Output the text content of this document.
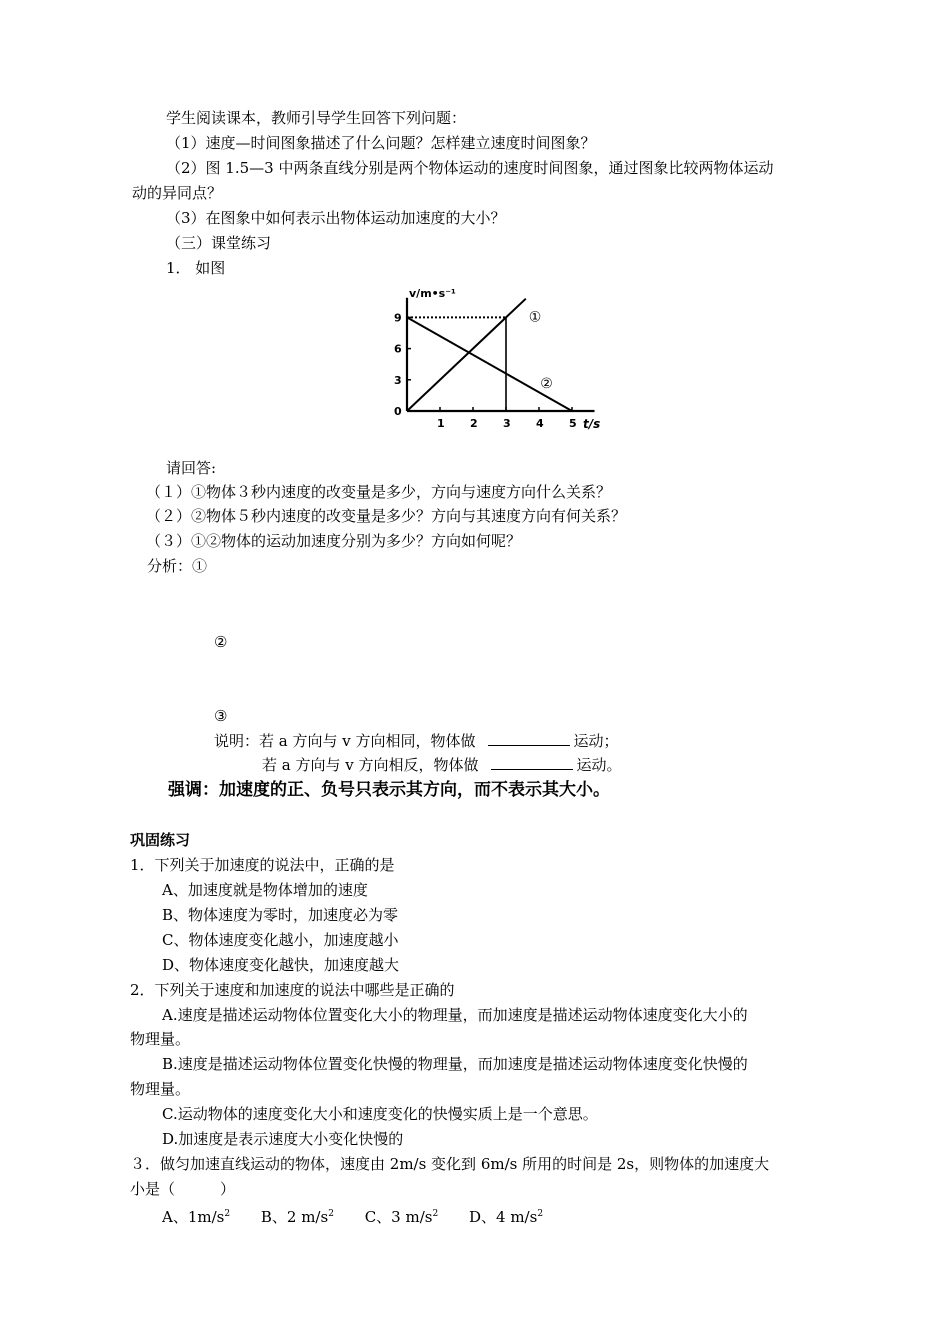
学生阅读课本，教师引导学生回答下列问题：
（1）速度—时间图象描述了什么问题？怎样建立速度时间图象？
（2）图 1.5—3 中两条直线分别是两个物体运动的速度时间图象，通过图象比较两物体运动
动的异同点？
（3）在图象中如何表示出物体运动加速度的大小？
（三）课堂练习
1． 如图
v/m•s⁻¹
t/s
1 2 3 4 5
0
3
6
9	①
②
请回答:
（１）①物体３秒内速度的改变量是多少，方向与速度方向什么关系？
（２）②物体５秒内速度的改变量是多少？方向与其速度方向有何关系？
（３）①②物体的运动加速度分别为多少？方向如何呢？
分析：①
②
③
说明：若 a 方向与 v 方向相同，物体做	运动；
若 a 方向与 v 方向相反，物体做	运动。
强调：加速度的正、负号只表示其方向，而不表示其大小。
巩固练习
1．下列关于加速度的说法中，正确的是
A、加速度就是物体增加的速度
B、物体速度为零时，加速度必为零
C、物体速度变化越小，加速度越小
D、物体速度变化越快，加速度越大
2．下列关于速度和加速度的说法中哪些是正确的
A.速度是描述运动物体位置变化大小的物理量，而加速度是描述运动物体速度变化大小的
物理量。
B.速度是描述运动物体位置变化快慢的物理量，而加速度是描述运动物体速度变化快慢的
物理量。
C.运动物体的速度变化大小和速度变化的快慢实质上是一个意思。
D.加速度是表示速度大小变化快慢的
３．做匀加速直线运动的物体，速度由 2m/s 变化到 6m/s 所用的时间是 2s，则物体的加速度大
小是（　　　）
A、$1m/s^2$ B、2 $m/s^2$ C、3 $m/s^2$ D、4 $m/s^2$
